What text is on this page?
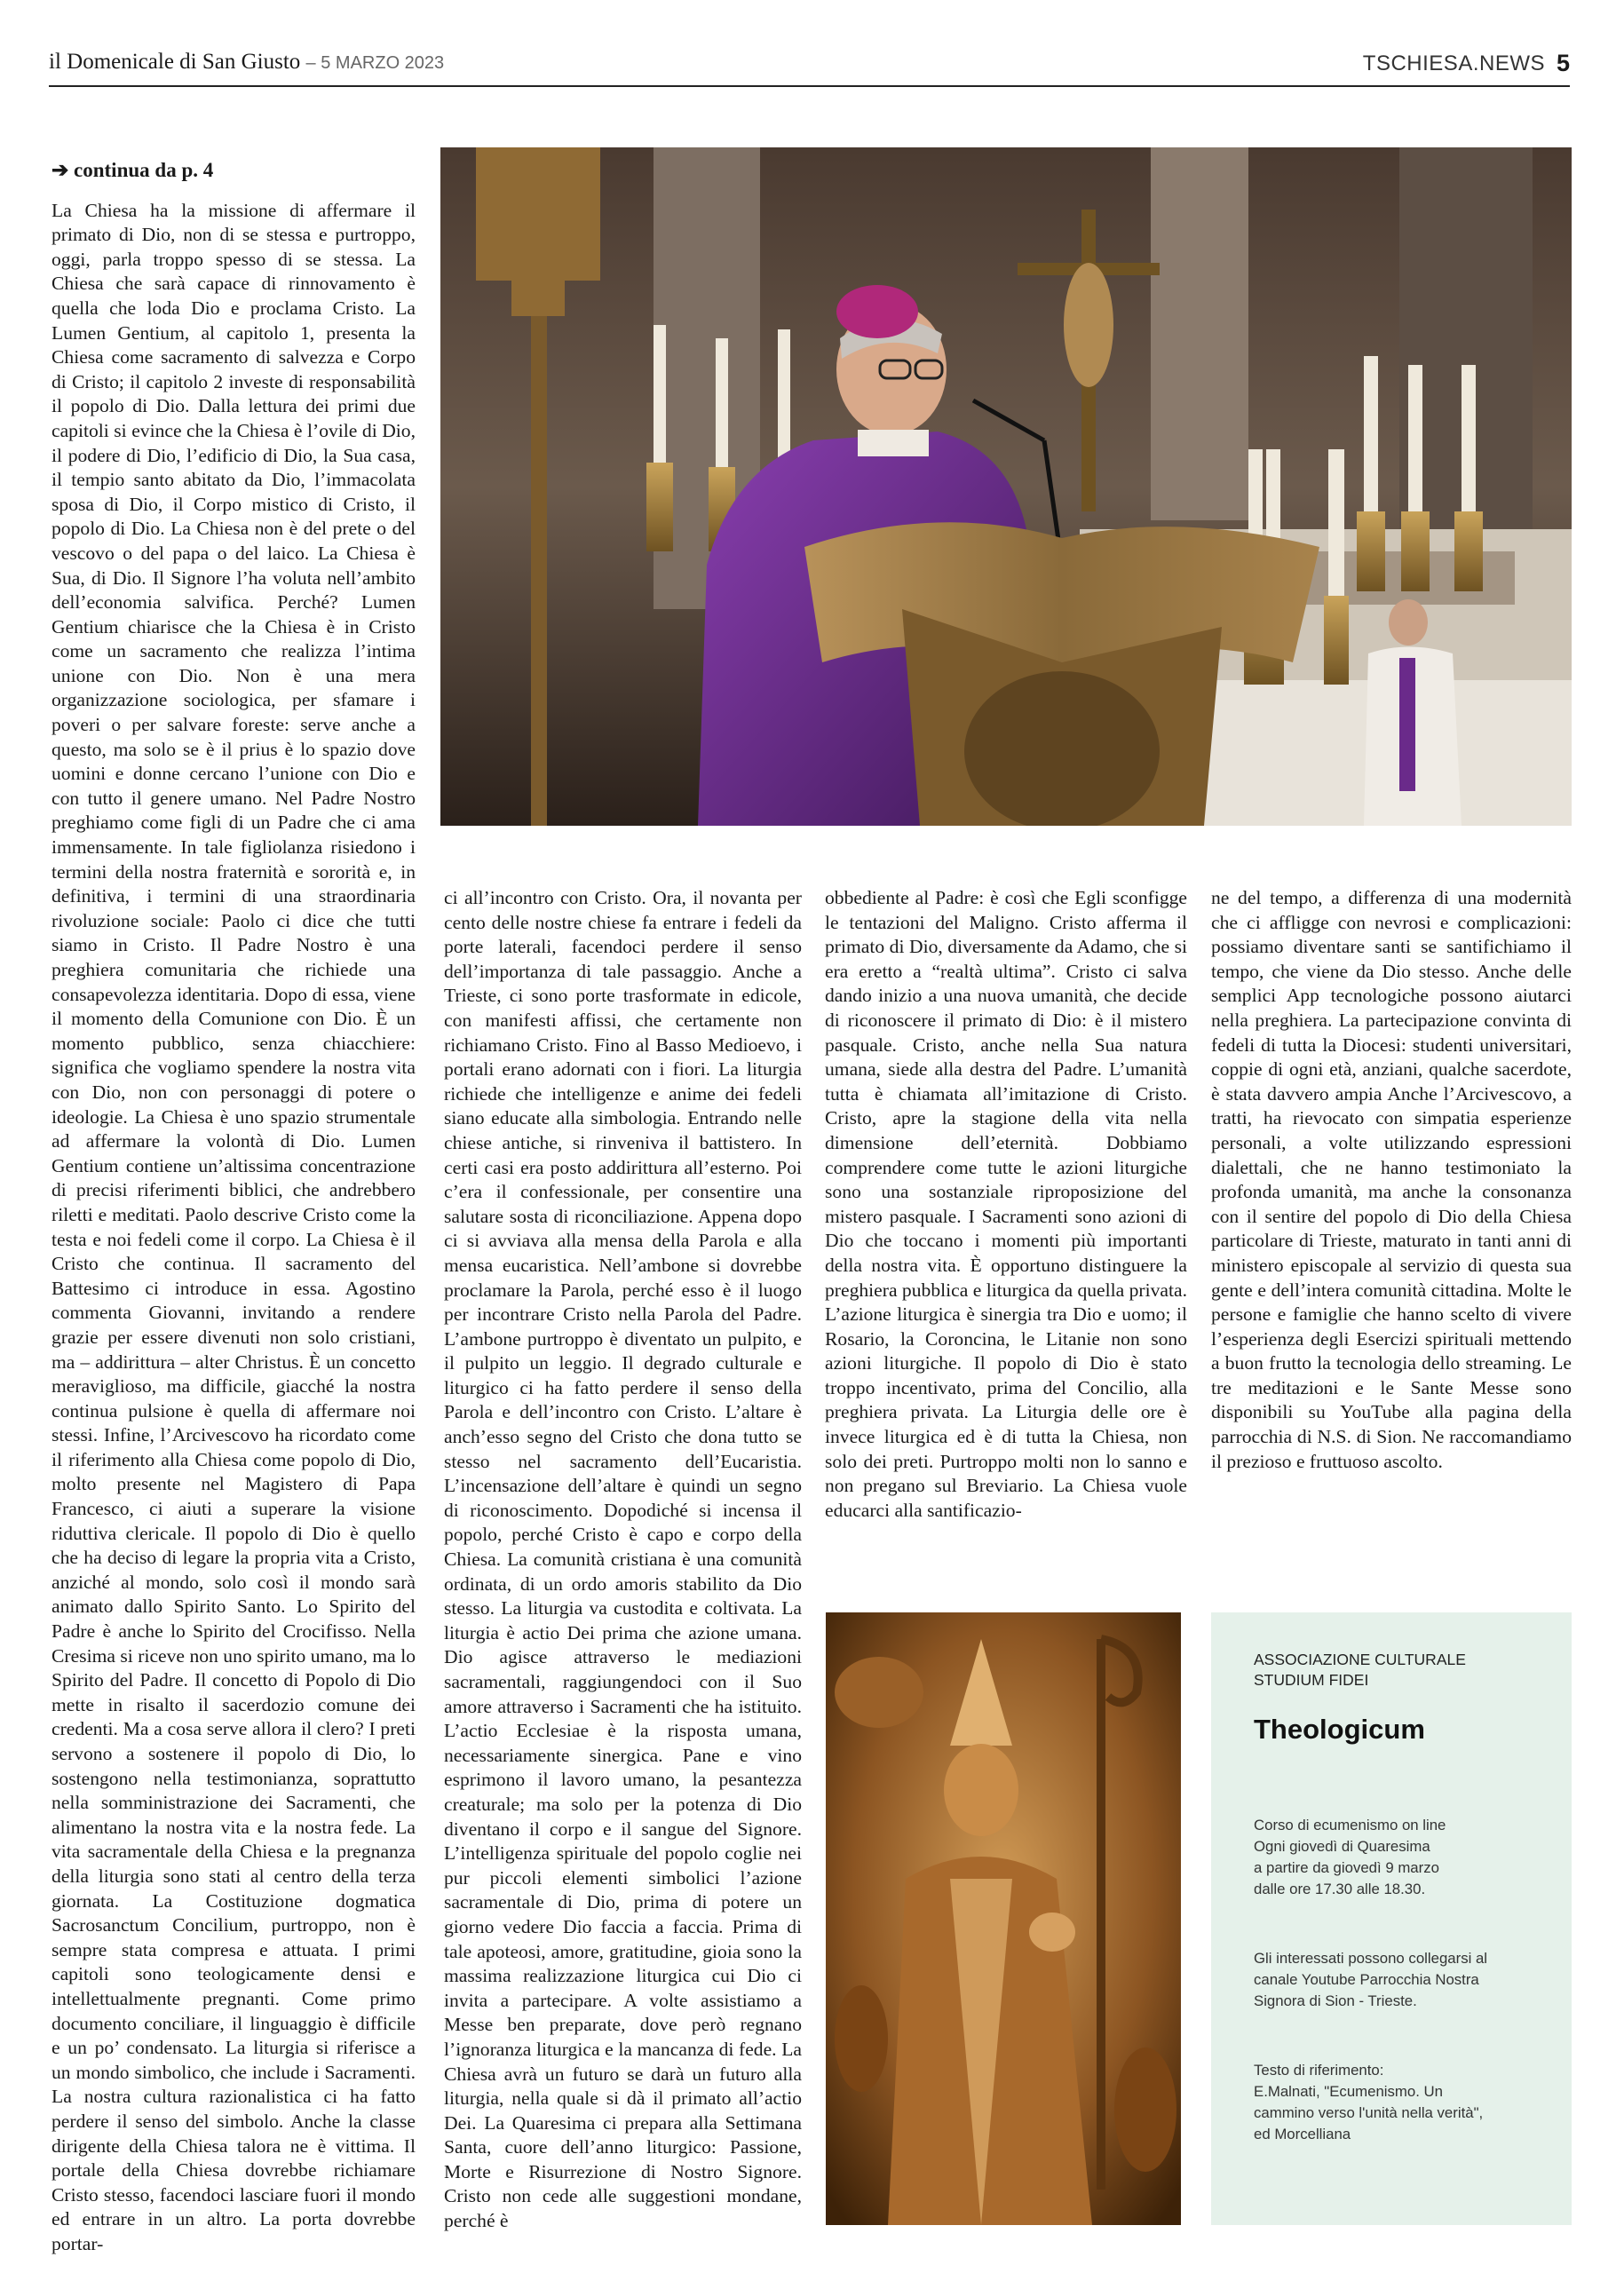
il Domenicale di San Giusto – 5 MARZO 2023	TSCHIESA.NEWS 5

➔ continua da p. 4

La Chiesa ha la missione di affermare il primato di Dio, non di se stessa e purtroppo, oggi, parla troppo spesso di se stessa. La Chiesa che sarà capace di rinnovamento è quella che loda Dio e proclama Cristo. La Lumen Gentium, al capitolo 1, presenta la Chiesa come sacramento di salvezza e Corpo di Cristo; il capitolo 2 investe di responsabilità il popolo di Dio. Dalla lettura dei primi due capitoli si evince che la Chiesa è l’ovile di Dio, il podere di Dio, l’edificio di Dio, la Sua casa, il tempio santo abitato da Dio, l’immacolata sposa di Dio, il Corpo mistico di Cristo, il popolo di Dio. La Chiesa non è del prete o del vescovo o del papa o del laico. La Chiesa è Sua, di Dio. Il Signore l’ha voluta nell’ambito dell’economia salvifica. Perché? Lumen Gentium chiarisce che la Chiesa è in Cristo come un sacramento che realizza l’intima unione con Dio. Non è una mera organizzazione sociologica, per sfamare i poveri o per salvare foreste: serve anche a questo, ma solo se è il prius è lo spazio dove uomini e donne cercano l’unione con Dio e con tutto il genere umano. Nel Padre Nostro preghiamo come figli di un Padre che ci ama immensamente. In tale figliolanza risiedono i termini della nostra fraternità e sororità e, in definitiva, i termini di una straordinaria rivoluzione sociale: Paolo ci dice che tutti siamo in Cristo. Il Padre Nostro è una preghiera comunitaria che richiede una consapevolezza identitaria. Dopo di essa, viene il momento della Comunione con Dio. È un momento pubblico, senza chiacchiere: significa che vogliamo spendere la nostra vita con Dio, non con personaggi di potere o ideologie. La Chiesa è uno spazio strumentale ad affermare la volontà di Dio. Lumen Gentium contiene un’altissima concentrazione di precisi riferimenti biblici, che andrebbero riletti e meditati. Paolo descrive Cristo come la testa e noi fedeli come il corpo. La Chiesa è il Cristo che continua. Il sacramento del Battesimo ci introduce in essa. Agostino commenta Giovanni, invitando a rendere grazie per essere divenuti non solo cristiani, ma – addirittura – alter Christus. È un concetto meraviglioso, ma difficile, giacché la nostra continua pulsione è quella di affermare noi stessi. Infine, l’Arcivescovo ha ricordato come il riferimento alla Chiesa come popolo di Dio, molto presente nel Magistero di Papa Francesco, ci aiuti a superare la visione riduttiva clericale. Il popolo di Dio è quello che ha deciso di legare la propria vita a Cristo, anziché al mondo, solo così il mondo sarà animato dallo Spirito Santo. Lo Spirito del Padre è anche lo Spirito del Crocifisso. Nella Cresima si riceve non uno spirito umano, ma lo Spirito del Padre. Il concetto di Popolo di Dio mette in risalto il sacerdozio comune dei credenti. Ma a cosa serve allora il clero? I preti servono a sostenere il popolo di Dio, lo sostengono nella testimonianza, soprattutto nella somministrazione dei Sacramenti, che alimentano la nostra vita e la nostra fede. La vita sacramentale della Chiesa e la pregnanza della liturgia sono stati al centro della terza giornata. La Costituzione dogmatica Sacrosanctum Concilium, purtroppo, non è sempre stata compresa e attuata. I primi capitoli sono teologicamente densi e intellettualmente pregnanti. Come primo documento conciliare, il linguaggio è difficile e un po’ condensato. La liturgia si riferisce a un mondo simbolico, che include i Sacramenti. La nostra cultura razionalistica ci ha fatto perdere il senso del simbolo. Anche la classe dirigente della Chiesa talora ne è vittima. Il portale della Chiesa dovrebbe richiamare Cristo stesso, facendoci lasciare fuori il mondo ed entrare in un altro. La porta dovrebbe portar-

ci all’incontro con Cristo. Ora, il novanta per cento delle nostre chiese fa entrare i fedeli da porte laterali, facendoci perdere il senso dell’importanza di tale passaggio. Anche a Trieste, ci sono porte trasformate in edicole, con manifesti affissi, che certamente non richiamano Cristo. Fino al Basso Medioevo, i portali erano adornati con i fiori. La liturgia richiede che intelligenze e anime dei fedeli siano educate alla simbologia. Entrando nelle chiese antiche, si rinveniva il battistero. In certi casi era posto addirittura all’esterno. Poi c’era il confessionale, per consentire una salutare sosta di riconciliazione. Appena dopo ci si avviava alla mensa della Parola e alla mensa eucaristica. Nell’ambone si dovrebbe proclamare la Parola, perché esso è il luogo per incontrare Cristo nella Parola del Padre. L’ambone purtroppo è diventato un pulpito, e il pulpito un leggio. Il degrado culturale e liturgico ci ha fatto perdere il senso della Parola e dell’incontro con Cristo. L’altare è anch’esso segno del Cristo che dona tutto se stesso nel sacramento dell’Eucaristia. L’incensazione dell’altare è quindi un segno di riconoscimento. Dopodiché si incensa il popolo, perché Cristo è capo e corpo della Chiesa. La comunità cristiana è una comunità ordinata, di un ordo amoris stabilito da Dio stesso. La liturgia va custodita e coltivata. La liturgia è actio Dei prima che azione umana. Dio agisce attraverso le mediazioni sacramentali, raggiungendoci con il Suo amore attraverso i Sacramenti che ha istituito. L’actio Ecclesiae è la risposta umana, necessariamente sinergica. Pane e vino esprimono il lavoro umano, la pesantezza creaturale; ma solo per la potenza di Dio diventano il corpo e il sangue del Signore. L’intelligenza spirituale del popolo coglie nei pur piccoli elementi simbolici l’azione sacramentale di Dio, prima di potere un giorno vedere Dio faccia a faccia. Prima di tale apoteosi, amore, gratitudine, gioia sono la massima realizzazione liturgica cui Dio ci invita a partecipare. A volte assistiamo a Messe ben preparate, dove però regnano l’ignoranza liturgica e la mancanza di fede. La Chiesa avrà un futuro se darà un futuro alla liturgia, nella quale si dà il primato all’actio Dei. La Quaresima ci prepara alla Settimana Santa, cuore dell’anno liturgico: Passione, Morte e Risurrezione di Nostro Signore. Cristo non cede alle suggestioni mondane, perché è

obbediente al Padre: è così che Egli sconfigge le tentazioni del Maligno. Cristo afferma il primato di Dio, diversamente da Adamo, che si era eretto a “realtà ultima”. Cristo ci salva dando inizio a una nuova umanità, che decide di riconoscere il primato di Dio: è il mistero pasquale. Cristo, anche nella Sua natura umana, siede alla destra del Padre. L’umanità tutta è chiamata all’imitazione di Cristo. Cristo, apre la stagione della vita nella dimensione dell’eternità. Dobbiamo comprendere come tutte le azioni liturgiche sono una sostanziale riproposizione del mistero pasquale. I Sacramenti sono azioni di Dio che toccano i momenti più importanti della nostra vita. È opportuno distinguere la preghiera pubblica e liturgica da quella privata. L’azione liturgica è sinergia tra Dio e uomo; il Rosario, la Coroncina, le Litanie non sono azioni liturgiche. Il popolo di Dio è stato troppo incentivato, prima del Concilio, alla preghiera privata. La Liturgia delle ore è invece liturgica ed è di tutta la Chiesa, non solo dei preti. Purtroppo molti non lo sanno e non pregano sul Breviario. La Chiesa vuole educarci alla santificazio-

ne del tempo, a differenza di una modernità che ci affligge con nevrosi e complicazioni: possiamo diventare santi se santifichiamo il tempo, che viene da Dio stesso. Anche delle semplici App tecnologiche possono aiutarci nella preghiera. La partecipazione convinta di fedeli di tutta la Diocesi: studenti universitari, coppie di ogni età, anziani, qualche sacerdote, è stata davvero ampia Anche l’Arcivescovo, a tratti, ha rievocato con simpatia esperienze personali, a volte utilizzando espressioni dialettali, che ne hanno testimoniato la profonda umanità, ma anche la consonanza con il sentire del popolo di Dio della Chiesa particolare di Trieste, maturato in tanti anni di ministero episcopale al servizio di questa sua gente e dell’intera comunità cittadina. Molte le persone e famiglie che hanno scelto di vivere l’esperienza degli Esercizi spirituali mettendo a buon frutto la tecnologia dello streaming. Le tre meditazioni e le Sante Messe sono disponibili su YouTube alla pagina della parrocchia di N.S. di Sion. Ne raccomandiamo il prezioso e fruttuoso ascolto.

ASSOCIAZIONE CULTURALE
STUDIUM FIDEI
Theologicum
Corso di ecumenismo on line
Ogni giovedì di Quaresima
a partire da giovedì 9 marzo
dalle ore 17.30 alle 18.30.
Gli interessati possono collegarsi al
canale Youtube Parrocchia Nostra
Signora di Sion - Trieste.
Testo di riferimento:
E.Malnati, "Ecumenismo. Un
cammino verso l'unità nella verità",
ed Morcelliana
